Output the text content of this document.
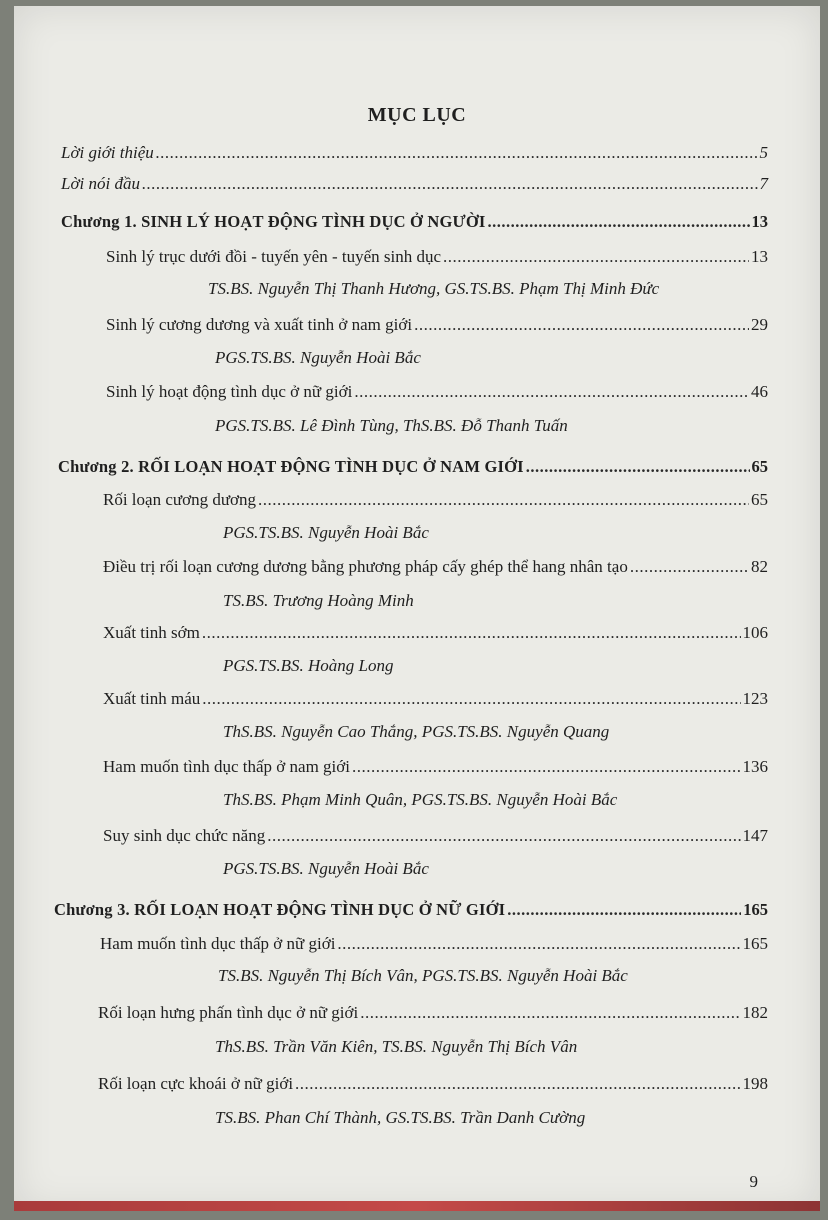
MỤC LỤC
Lời giới thiệu .....	5
Lời nói đầu .....	7
Chương 1. SINH LÝ HOẠT ĐỘNG TÌNH DỤC Ở NGƯỜI .....	13
Sinh lý trục dưới đồi - tuyến yên - tuyến sinh dục .....	13
TS.BS. Nguyễn Thị Thanh Hương, GS.TS.BS. Phạm Thị Minh Đức
Sinh lý cương dương và xuất tinh ở nam giới .....	29
PGS.TS.BS. Nguyễn Hoài Bắc
Sinh lý hoạt động tình dục ở nữ giới .....	46
PGS.TS.BS. Lê Đình Tùng, ThS.BS. Đỗ Thanh Tuấn
Chương 2. RỐI LOẠN HOẠT ĐỘNG TÌNH DỤC Ở NAM GIỚI .....	65
Rối loạn cương dương .....	65
PGS.TS.BS. Nguyễn Hoài Bắc
Điều trị rối loạn cương dương bằng phương pháp cấy ghép thể hang nhân tạo .....	82
TS.BS. Trương Hoàng Minh
Xuất tinh sớm .....	106
PGS.TS.BS. Hoàng Long
Xuất tinh máu .....	123
ThS.BS. Nguyễn Cao Thắng, PGS.TS.BS. Nguyễn Quang
Ham muốn tình dục thấp ở nam giới .....	136
ThS.BS. Phạm Minh Quân, PGS.TS.BS. Nguyễn Hoài Bắc
Suy sinh dục chức năng .....	147
PGS.TS.BS. Nguyễn Hoài Bắc
Chương 3. RỐI LOẠN HOẠT ĐỘNG TÌNH DỤC Ở NỮ GIỚI .....	165
Ham muốn tình dục thấp ở nữ giới .....	165
TS.BS. Nguyễn Thị Bích Vân, PGS.TS.BS. Nguyễn Hoài Bắc
Rối loạn hưng phấn tình dục ở nữ giới .....	182
ThS.BS. Trần Văn Kiên, TS.BS. Nguyễn Thị Bích Vân
Rối loạn cực khoái ở nữ giới .....	198
TS.BS. Phan Chí Thành, GS.TS.BS. Trần Danh Cường
9
